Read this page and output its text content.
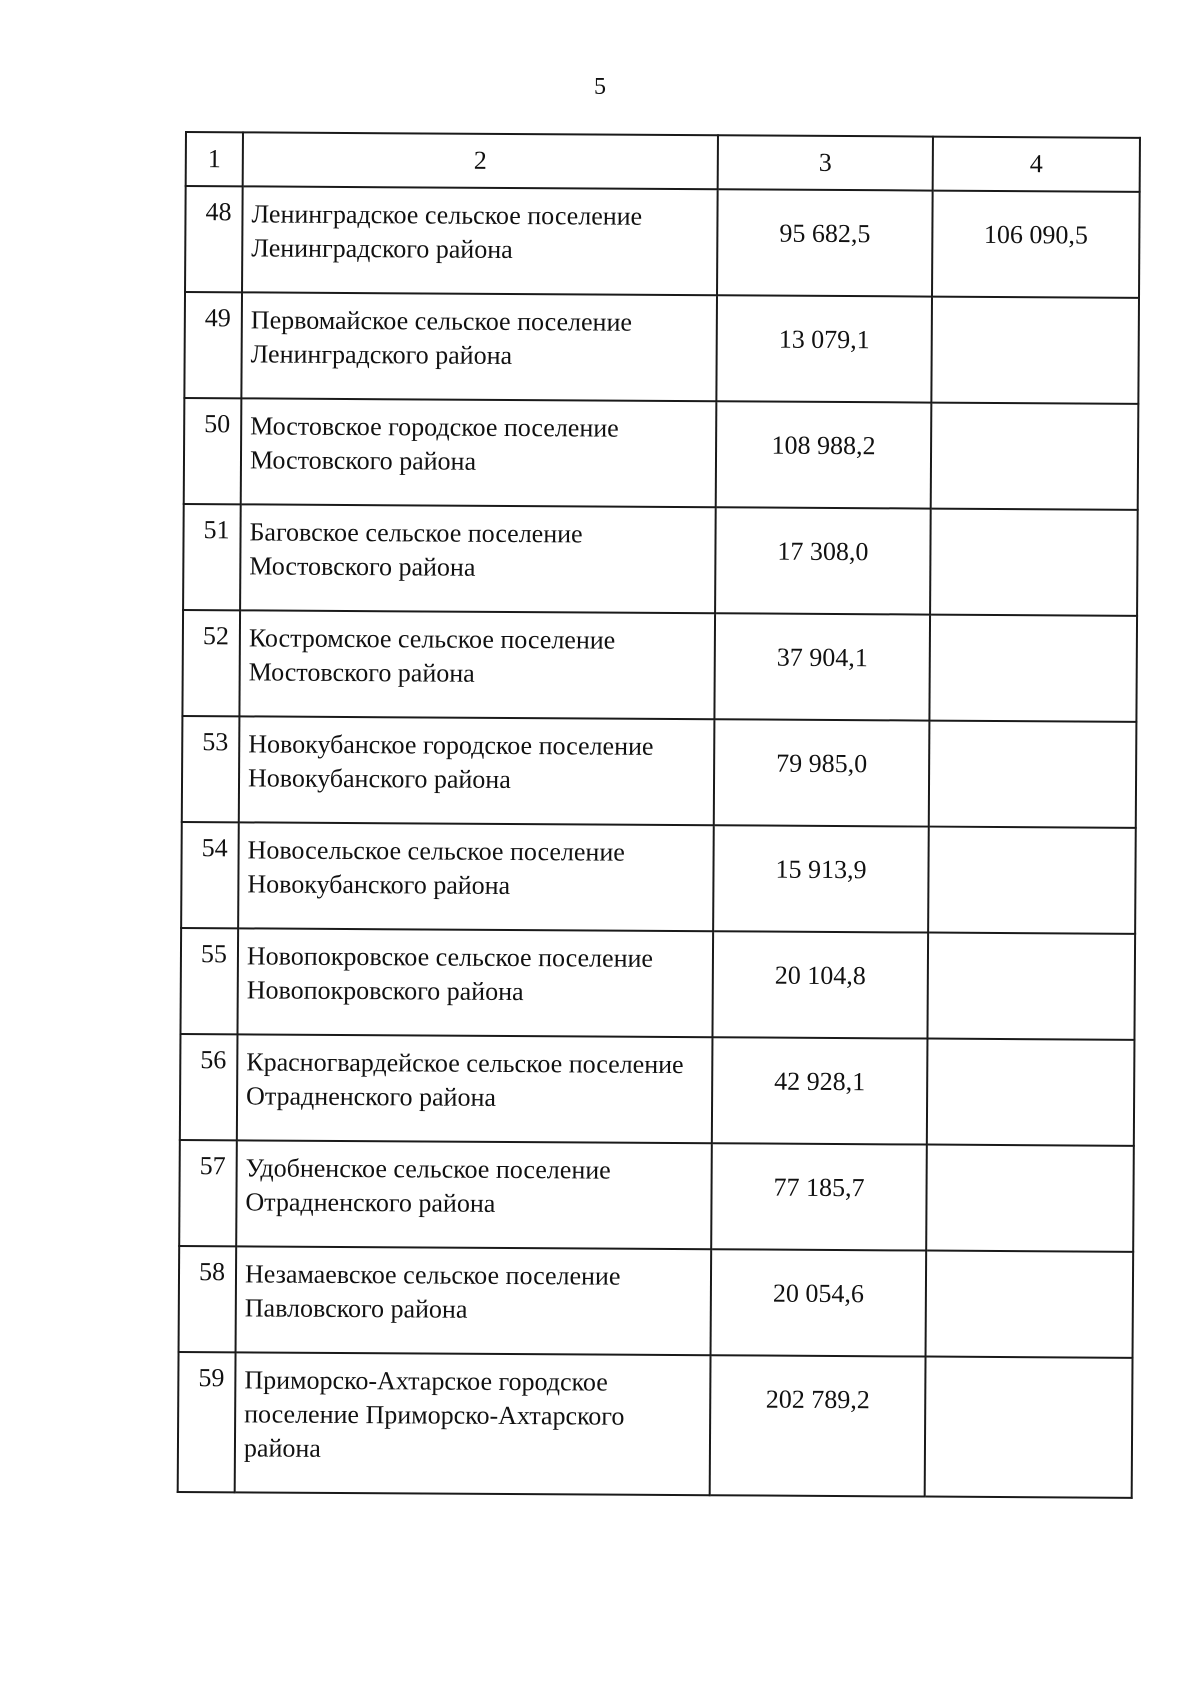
5
1	2	3	4
48	Ленинградское сельское поселение Ленинградского района	95 682,5	106 090,5
49	Первомайское сельское поселение Ленинградского района	13 079,1	
50	Мостовское городское поселение Мостовского района	108 988,2	
51	Баговское сельское поселение Мостовского района	17 308,0	
52	Костромское сельское поселение Мостовского района	37 904,1	
53	Новокубанское городское поселение Новокубанского района	79 985,0	
54	Новосельское сельское поселение Новокубанского района	15 913,9	
55	Новопокровское сельское поселение Новопокровского района	20 104,8	
56	Красногвардейское сельское поселение Отрадненского района	42 928,1	
57	Удобненское сельское поселение Отрадненского района	77 185,7	
58	Незамаевское сельское поселение Павловского района	20 054,6	
59	Приморско-Ахтарское городское поселение Приморско-Ахтарского района	202 789,2	
